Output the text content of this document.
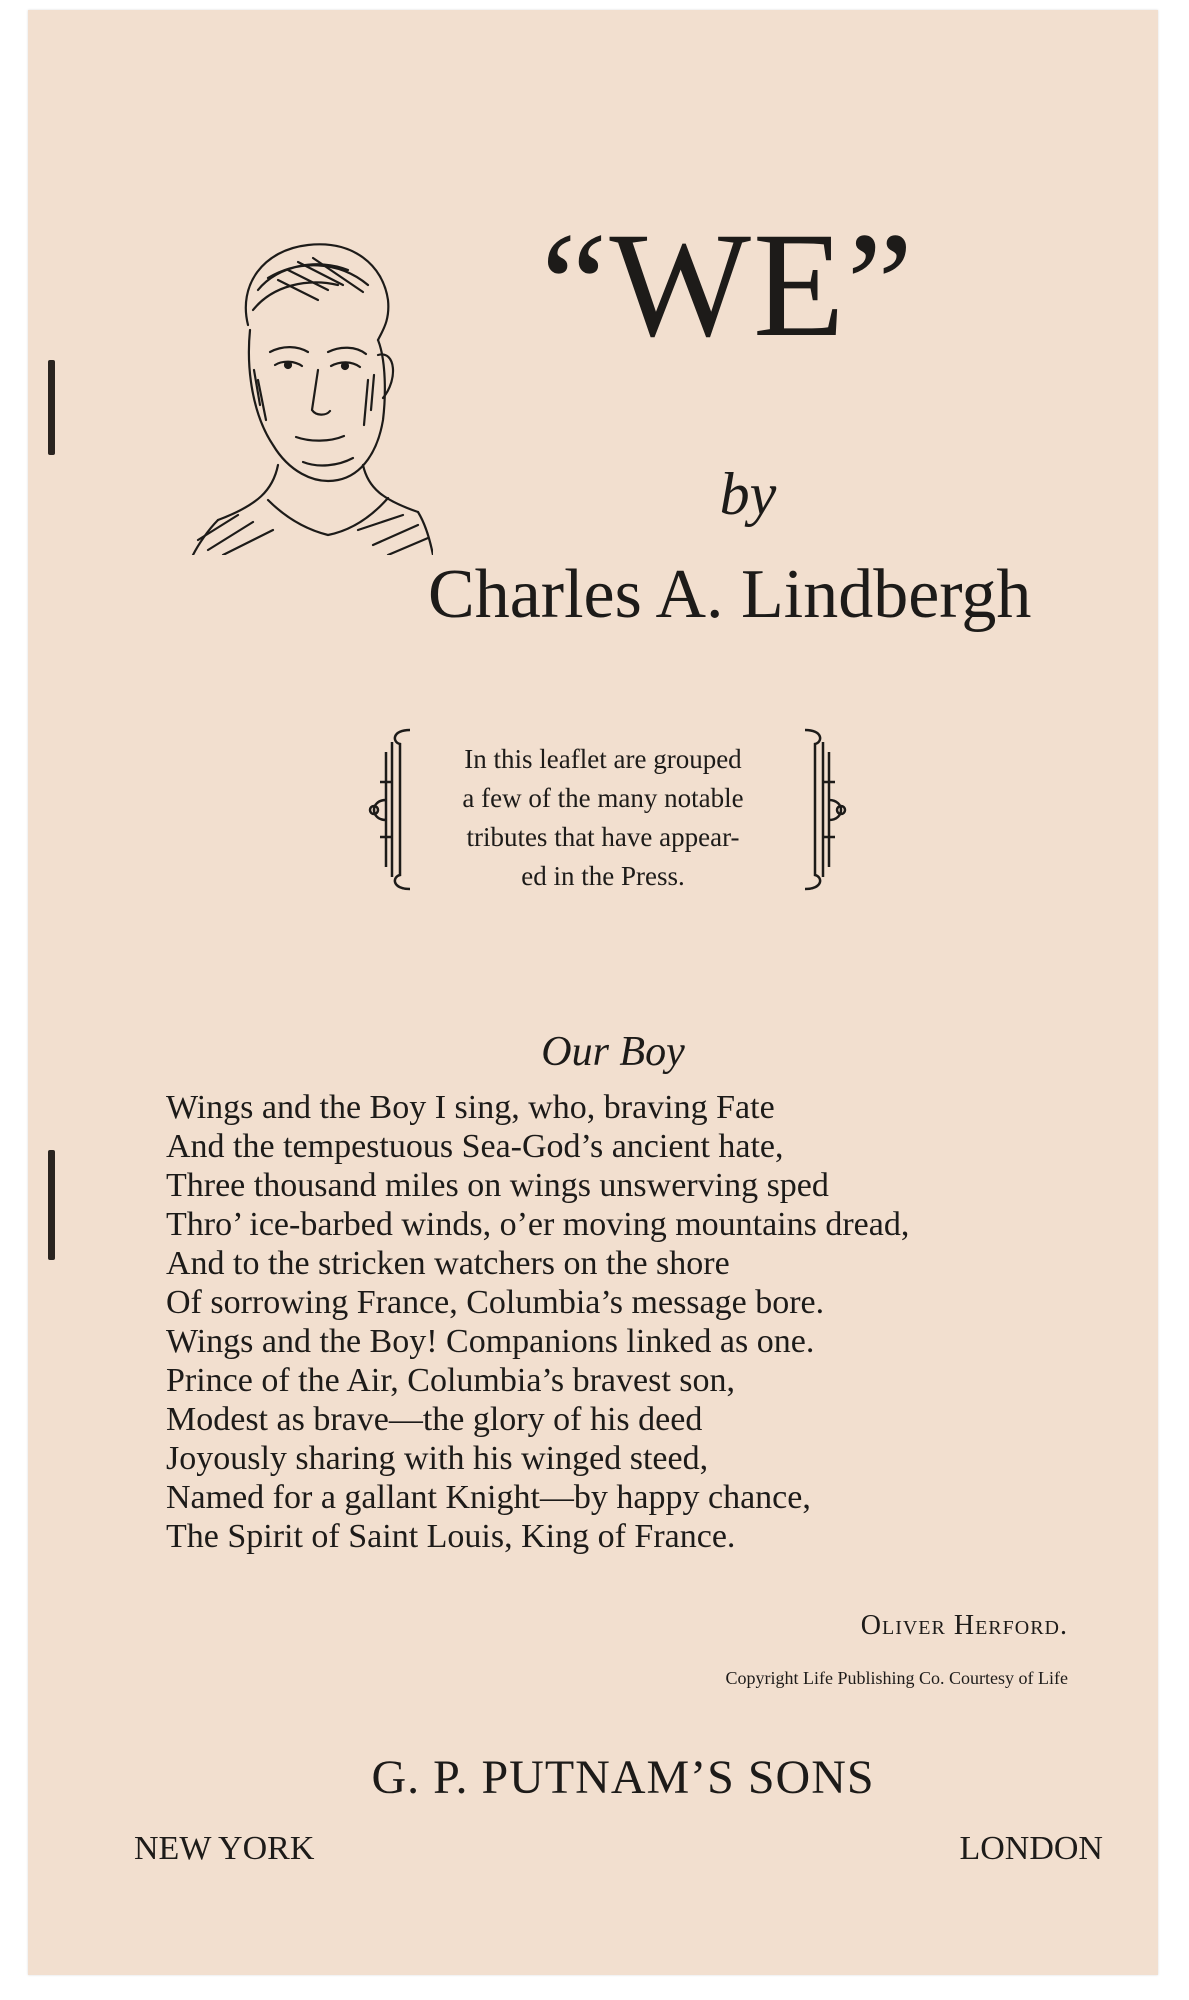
“WE”
by
Charles A. Lindbergh
In this leaflet are grouped
a few of the many notable
tributes that have appear-
ed in the Press.
Our Boy
Wings and the Boy I sing, who, braving Fate
And the tempestuous Sea-God’s ancient hate,
Three thousand miles on wings unswerving sped
Thro’ ice-barbed winds, o’er moving mountains dread,
And to the stricken watchers on the shore
Of sorrowing France, Columbia’s message bore.
Wings and the Boy! Companions linked as one.
Prince of the Air, Columbia’s bravest son,
Modest as brave—the glory of his deed
Joyously sharing with his winged steed,
Named for a gallant Knight—by happy chance,
The Spirit of Saint Louis, King of France.
Oliver Herford.
Copyright Life Publishing Co. Courtesy of Life
G. P. PUTNAM’S SONS
NEW YORK	LONDON
